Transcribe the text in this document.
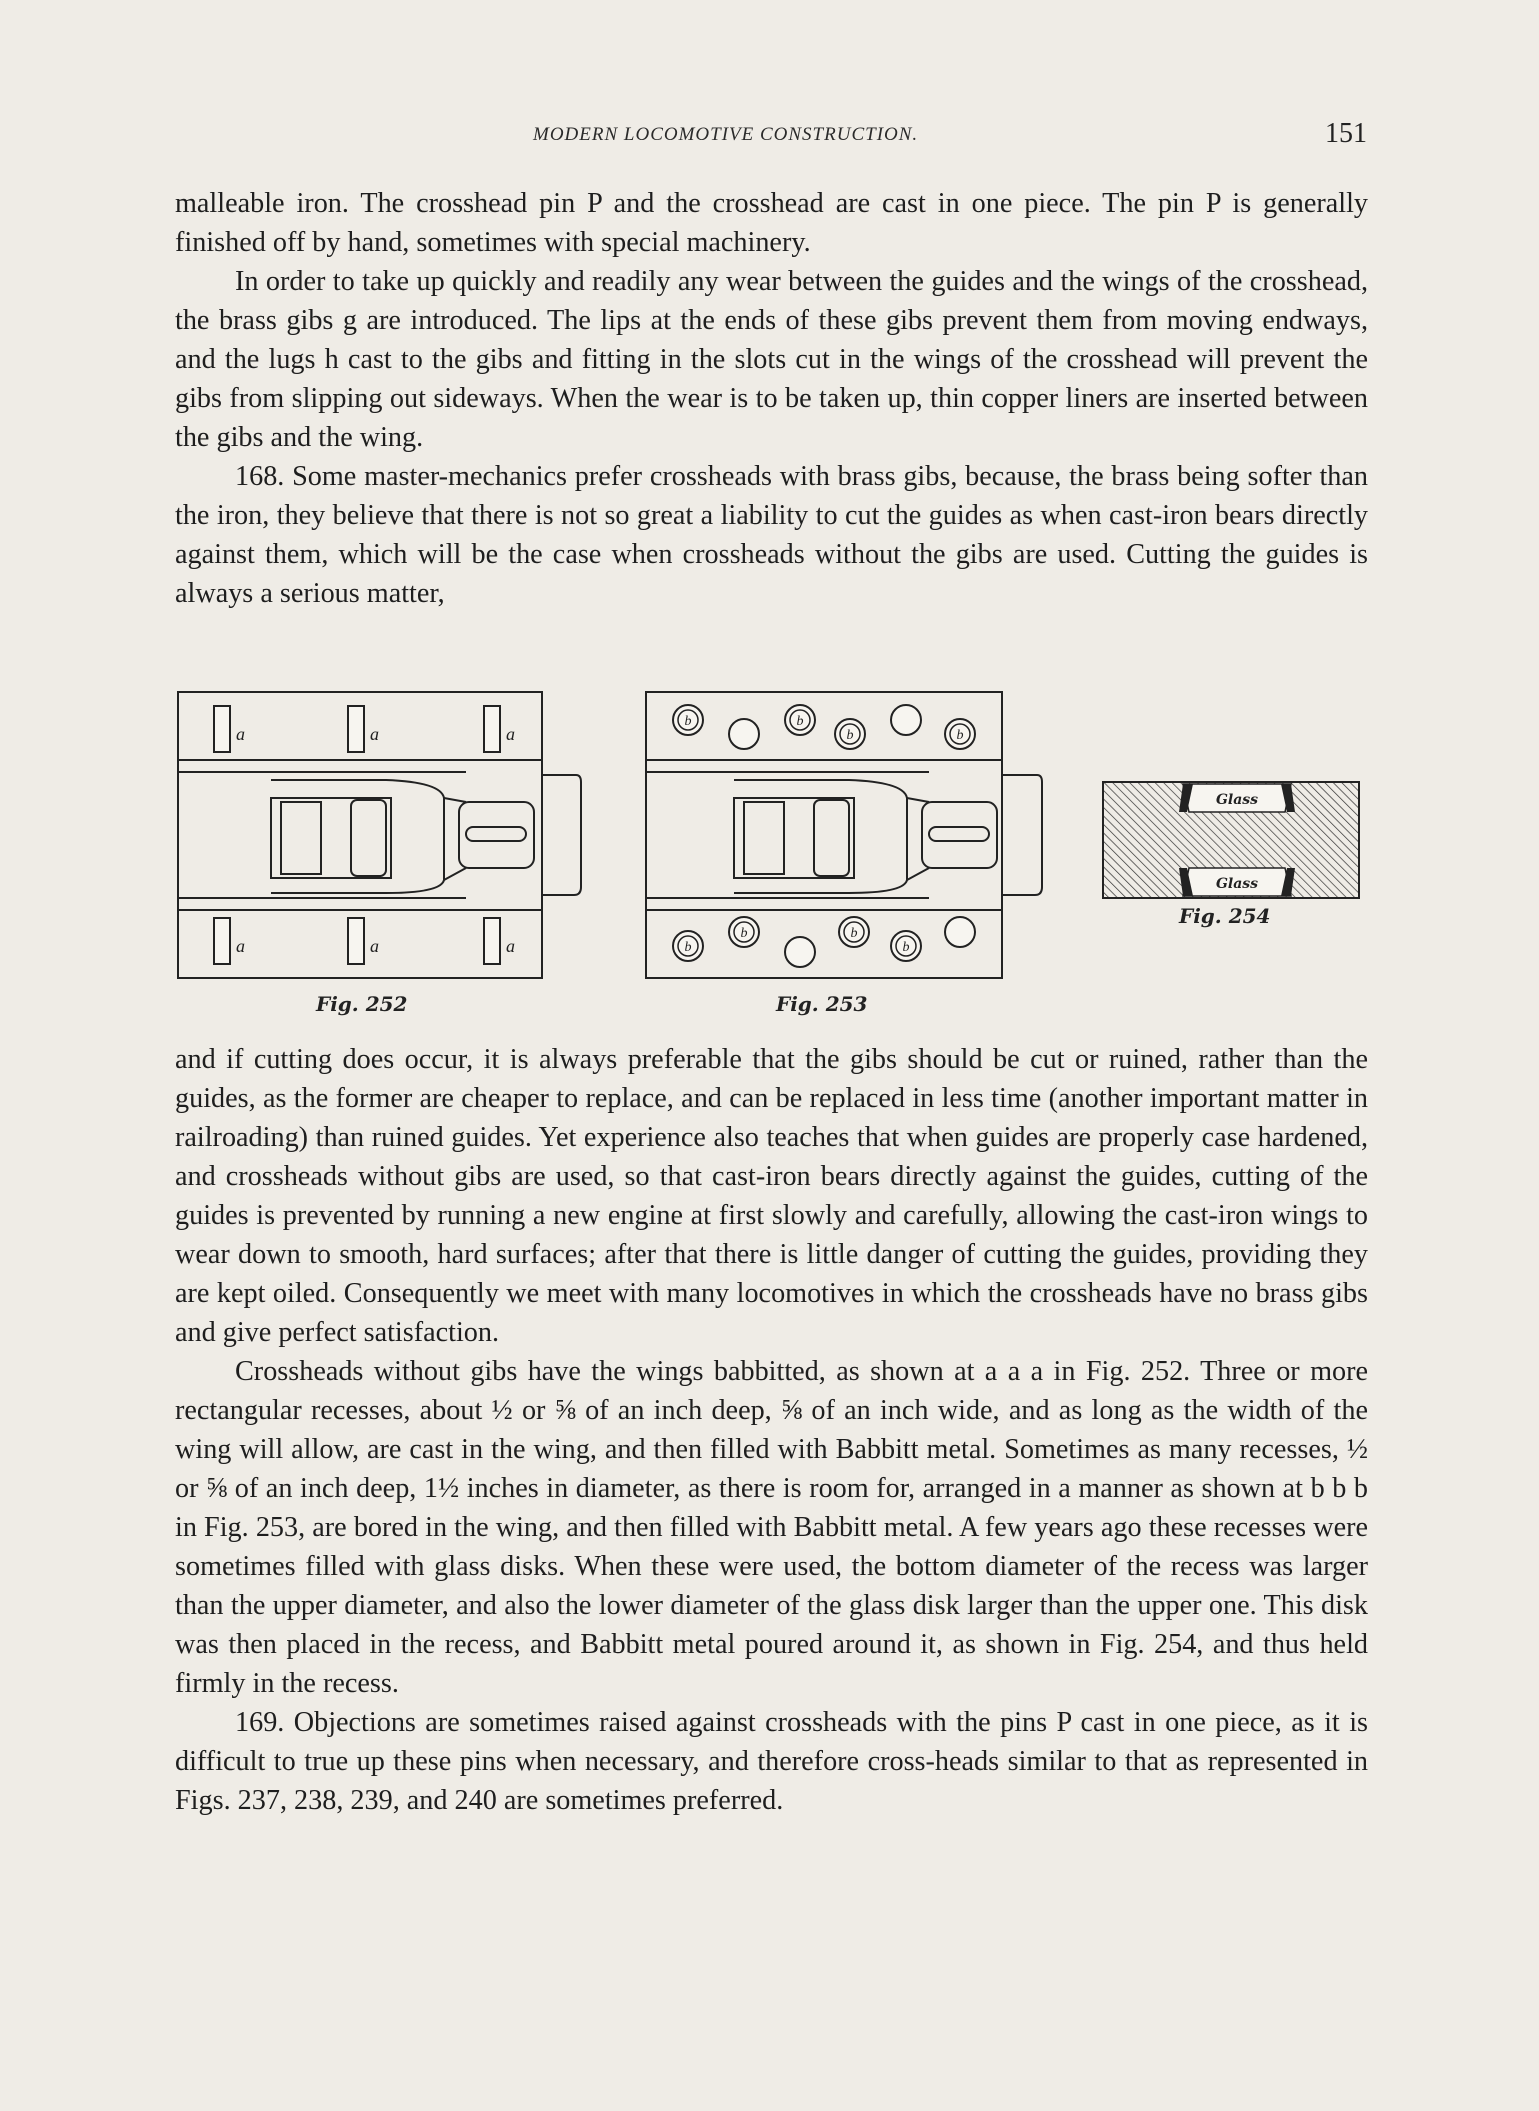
MODERN LOCOMOTIVE CONSTRUCTION.	151

malleable iron. The crosshead pin P and the crosshead are cast in one piece. The pin P is generally finished off by hand, sometimes with special machinery.

In order to take up quickly and readily any wear between the guides and the wings of the crosshead, the brass gibs g are introduced. The lips at the ends of these gibs prevent them from moving endways, and the lugs h cast to the gibs and fitting in the slots cut in the wings of the crosshead will prevent the gibs from slipping out sideways. When the wear is to be taken up, thin copper liners are inserted between the gibs and the wing.

168. Some master-mechanics prefer crossheads with brass gibs, because, the brass being softer than the iron, they believe that there is not so great a liability to cut the guides as when cast-iron bears directly against them, which will be the case when crossheads without the gibs are used. Cutting the guides is always a serious matter,

a	a	a
a	a	a
Fig. 252
b	b
b	b
b
b	b
b
Fig. 253
Glass
Glass
Fig. 254

and if cutting does occur, it is always preferable that the gibs should be cut or ruined, rather than the guides, as the former are cheaper to replace, and can be replaced in less time (another important matter in railroading) than ruined guides. Yet experience also teaches that when guides are properly case hardened, and crossheads without gibs are used, so that cast-iron bears directly against the guides, cutting of the guides is prevented by running a new engine at first slowly and carefully, allowing the cast-iron wings to wear down to smooth, hard surfaces; after that there is little danger of cutting the guides, providing they are kept oiled. Consequently we meet with many locomotives in which the crossheads have no brass gibs and give perfect satisfaction.

Crossheads without gibs have the wings babbitted, as shown at a a a in Fig. 252. Three or more rectangular recesses, about ½ or ⅝ of an inch deep, ⅝ of an inch wide, and as long as the width of the wing will allow, are cast in the wing, and then filled with Babbitt metal. Sometimes as many recesses, ½ or ⅝ of an inch deep, 1½ inches in diameter, as there is room for, arranged in a manner as shown at b b b in Fig. 253, are bored in the wing, and then filled with Babbitt metal. A few years ago these recesses were sometimes filled with glass disks. When these were used, the bottom diameter of the recess was larger than the upper diameter, and also the lower diameter of the glass disk larger than the upper one. This disk was then placed in the recess, and Babbitt metal poured around it, as shown in Fig. 254, and thus held firmly in the recess.

169. Objections are sometimes raised against crossheads with the pins P cast in one piece, as it is difficult to true up these pins when necessary, and therefore cross-heads similar to that as represented in Figs. 237, 238, 239, and 240 are sometimes preferred.
